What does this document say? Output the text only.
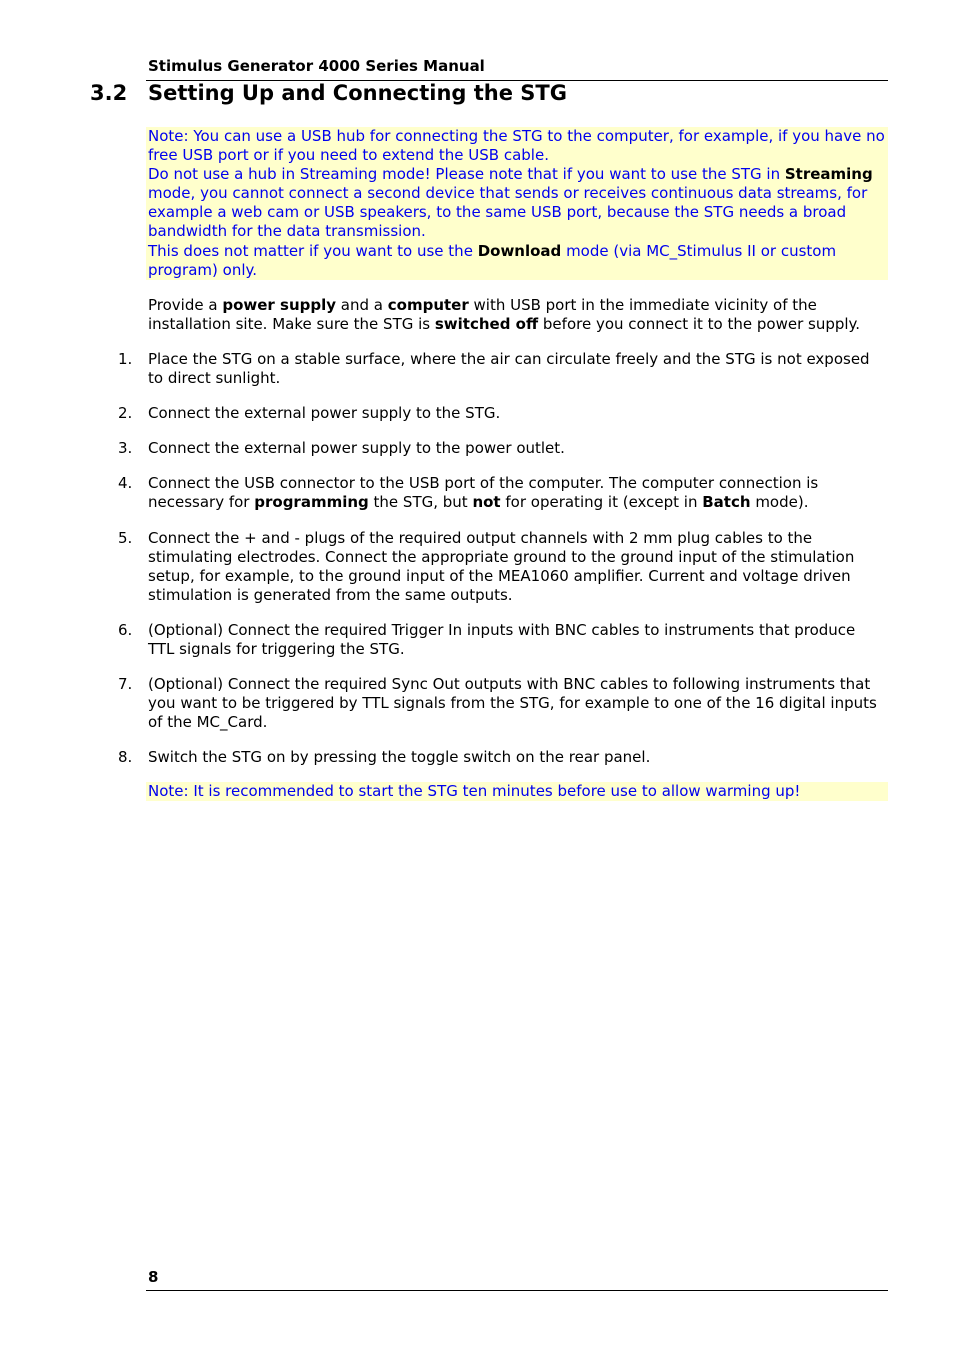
Stimulus Generator 4000 Series Manual
3.2 Setting Up and Connecting the STG

Note: You can use a USB hub for connecting the STG to the computer, for example, if you have no free USB port or if you need to extend the USB cable.

Do not use a hub in Streaming mode! Please note that if you want to use the STG in Streaming mode, you cannot connect a second device that sends or receives continuous data streams, for example a web cam or USB speakers, to the same USB port, because the STG needs a broad bandwidth for the data transmission.

This does not matter if you want to use the Download mode (via MC_Stimulus II or custom program) only.

Provide a power supply and a computer with USB port in the immediate vicinity of the installation site. Make sure the STG is switched off before you connect it to the power supply.

1. Place the STG on a stable surface, where the air can circulate freely and the STG is not exposed to direct sunlight.
2. Connect the external power supply to the STG.
3. Connect the external power supply to the power outlet.
4. Connect the USB connector to the USB port of the computer. The computer connection is necessary for programming the STG, but not for operating it (except in Batch mode).
5. Connect the + and - plugs of the required output channels with 2 mm plug cables to the stimulating electrodes. Connect the appropriate ground to the ground input of the stimulation setup, for example, to the ground input of the MEA1060 amplifier. Current and voltage driven stimulation is generated from the same outputs.
6. (Optional) Connect the required Trigger In inputs with BNC cables to instruments that produce TTL signals for triggering the STG.
7. (Optional) Connect the required Sync Out outputs with BNC cables to following instruments that you want to be triggered by TTL signals from the STG, for example to one of the 16 digital inputs of the MC_Card.
8. Switch the STG on by pressing the toggle switch on the rear panel.

Note: It is recommended to start the STG ten minutes before use to allow warming up!

8
